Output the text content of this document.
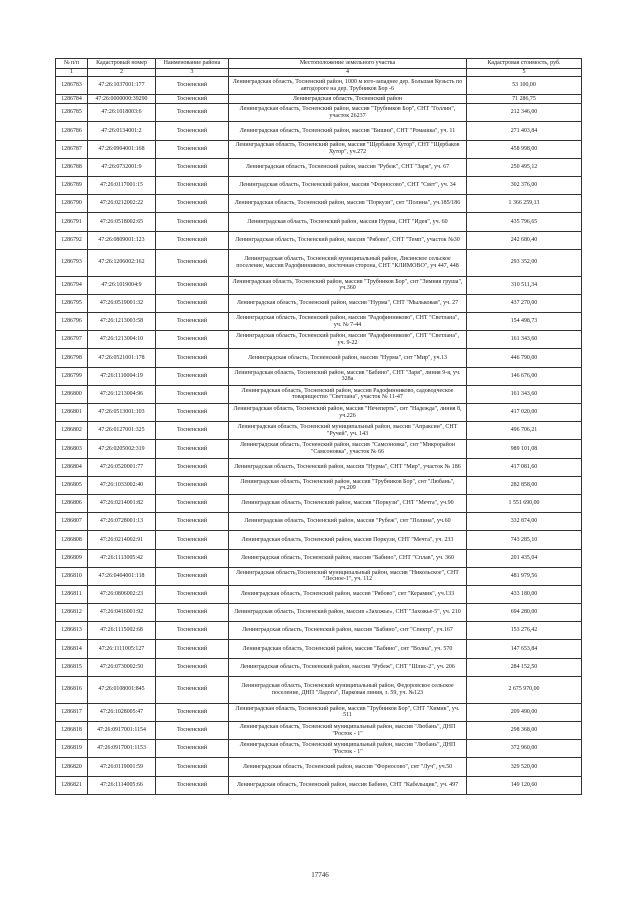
№ п/п	Кадастровый номер	Наименование района	Местоположение земельного участка	Кадастровая стоимость, руб.
1	2	3	4	5
1286783	47:26:1037001:177	Тосненский	Ленинградская область, Тосненский район, 1000 м юго-западнее дер. Большая Кузьсть по автодороге на дер. Трубников Бор -6	53 100,00
1286784	47:26:0000000:39290	Тосненский	Ленинградская область, Тосненский район	71 286,75
1286785	47:26:1018003:6	Тосненский	Ленинградская область, Тосненский район, массив "Трубников Бор", СНТ "Голлин", участок 26237	212 346,00
1286786	47:26:0134001:2	Тосненский	Ленинградская область, Тосненский район, массив "Бишня", СНТ "Ромашка", уч. 11	271 403,84
1286787	47:26:0904001:168	Тосненский	Ленинградская область, Тосненский район, массив "Щербаков Хутор", СНТ "Щербаков Хутор", уч.272	458 998,00
1286788	47:26:0732001:9	Тосненский	Ленинградская область, Тосненский район, массив "Рубеж", СНТ "Заря", уч. 67	250 495,12
1286789	47:26:0117001:15	Тосненский	Ленинградская область, Тосненский район, массив "Форносово", СНТ "Свет", уч. 34	302 376,00
1286790	47:26:0212002:22	Тосненский	Ленинградская область, Тосненский район, массив "Поркузи", снт "Полина", уч.185/186	1 366 259,13
1286791	47:26:0518002:65	Тосненский	Ленинградская область, Тосненский район, массив Нурма, СНТ "Идея", уч. 60	435 796,65
1286792	47:26:0809001:123	Тосненский	Ленинградская область, Тосненский район, массив "Рябово", СНТ "Темп", участок №30	242 680,40
1286793	47:26:1206002:162	Тосненский	Ленинградская область, Тосненский муниципальный район, Лисинское сельское поселение, массив Радофинниково, восточная сторона, СНТ "КЛИМОВО", уч 447, 448	293 352,00
1286794	47:26:1019004:9	Тосненский	Ленинградская область, Тосненский район, массив "Трубников Бор", снт "Зимняя груша", уч.360	310 511,34
1286795	47:26:0519001:32	Тосненский	Ленинградская область, Тосненский район, массив "Нурма", СНТ "Мыльковая", уч. 27	437 270,00
1286796	47:26:1213003:58	Тосненский	Ленинградская область, Тосненский район, массив "Радофинниково", СНТ "Светлана", уч. № 7-44	154 498,73
1286797	47:26:1213004:10	Тосненский	Ленинградская область, Тосненский район, массив "Радофинниково", СНТ "Светлана", уч. 9-22	161 343,60
1286798	47:26:0521001:178	Тосненский	Ленинградская область, Тосненский район, массив "Нурма", снт "Мир", уч.13	446 790,00
1286799	47:26:1110004:19	Тосненский	Ленинградская область, Тосненский район, массив "Бабино", СНТ "Заря", линия 9-я, уч. 328а	146 676,00
1286800	47:26:1213004:96	Тосненский	Ленинградская область, Тосненский район, массив Радофинниково, садоводческое товарищество "Светлана", участок № 11-47	161 343,60
1286801	47:26:0513001:103	Тосненский	Ленинградская область, Тосненский район, массив "Нечеперть", снт "Надежда", линия 8, уч.226	417 020,00
1286802	47:26:0127001:325	Тосненский	Ленинградская область, Тосненский муниципальный район, массив "Апраксин", СНТ "Ручей", уч. 143	496 706,21
1286803	47:26:0205002:319	Тосненский	Ленинградская область, Тосненский район, массив "Самсоновка", снт "Микрорайон "Самсоновка", участок № 66	989 101,08
1286804	47:26:0520001:77	Тосненский	Ленинградская область, Тосненский район, массив "Нурма", СНТ "Мир", участок № 186	417 081,60
1286805	47:26:1033002:40	Тосненский	Ленинградская область, Тосненский район, массив "Трубников Бор", снт "Любань", уч.209	282 858,00
1286806	47:26:0214001:82	Тосненский	Ленинградская область, Тосненский район, массив "Поркузи", СНТ "Мечта", уч.90	1 551 690,00
1286807	47:26:0728001:13	Тосненский	Ленинградская область, Тосненский район, массив "Рубеж", снт "Полина", уч.60	332 874,00
1286808	47:26:0214002:91	Тосненский	Ленинградская область, Тосненский район, массив Поркузи, СНТ "Мечта", уч. 233	743 285,10
1286809	47:26:1113005:42	Тосненский	Ленинградская область, Тосненский район, массив "Бабино", СНТ "Сплав", уч. 360	201 435,04
1286810	47:26:0404001:118	Тосненский	Ленинградская область,Тосненский муниципальный район, массив "Никольское", СНТ "Лесное-1", уч. 112	481 979,56
1286811	47:26:0806002:23	Тосненский	Ленинградская область, Тосненский район, массив "Рябово", снт "Керамик", уч.133	433 180,00
1286812	47:26:0416001:92	Тосненский	Ленинградская область, Тосненский район, массив «Захожье», СНТ "Захожье-5", уч. 210	694 280,00
1286813	47:26:1115002:68	Тосненский	Ленинградская область, Тосненский район, массив "Бабино", снт "Спектр", уч.167	153 276,42
1286814	47:26:1111005:127	Тосненский	Ленинградская область, Тосненский район, массив "Бабино", снт "Волна", уч. 570	147 653,84
1286815	47:26:0730002:50	Тосненский	Ленинградская область, Тосненский район, массив "Рубеж", СНТ "Шлис-2", уч. 206	284 152,50
1286816	47:26:0108001:845	Тосненский	Ленинградская область, Тосненский муниципальный район, Федоровское сельское поселение, ДНП "Ладога", Парковая линия, з. 59, уч. №123	2 675 970,00
1286817	47:26:1028005:47	Тосненский	Ленинградская область, Тосненский район, массив "Трубников Бор", СНТ "Химик", уч. 511	209 490,00
1286818	47:26:0917001:1154	Тосненский	Ленинградская область, Тосненский муниципальный район, массив "Любань", ДНП "Росток - 1"	298 368,00
1286819	47:26:0917001:1153	Тосненский	Ленинградская область, Тосненский муниципальный район, массив "Любань", ДНП "Росток - 1"	372 960,00
1286820	47:26:0119001:59	Тосненский	Ленинградская область, Тосненский район, массив "Форносово", снт "Луч", уч.50	329 520,00
1286821	47:26:1114005:66	Тосненский	Ленинградская область, Тосненский район, массив Бабино, СНТ "Кабельщик", уч. 497	149 120,60
17746
